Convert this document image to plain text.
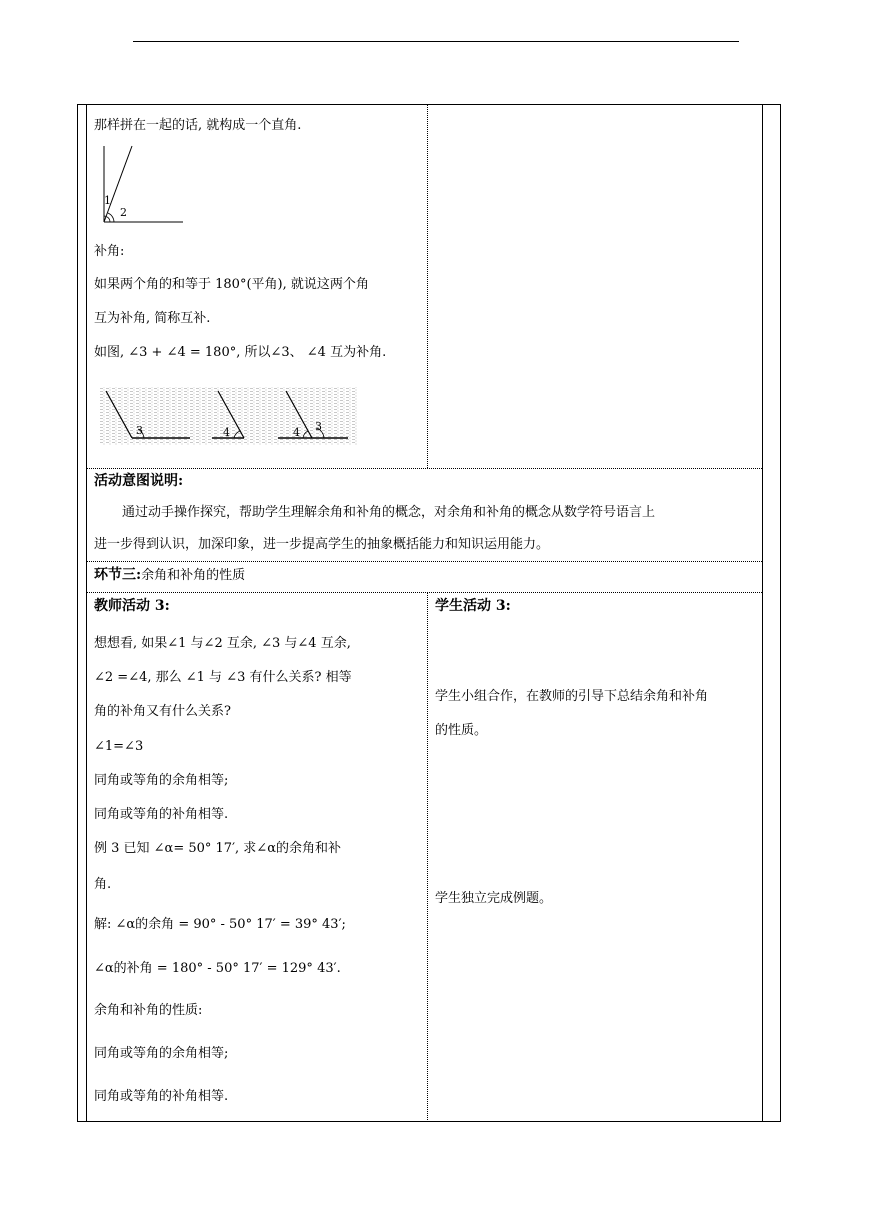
那样拼在一起的话, 就构成一个直角.
1
2
补角:
如果两个角的和等于 180°(平角), 就说这两个角
互为补角, 简称互补.
如图, ∠3 + ∠4 = 180°, 所以∠3、 ∠4 互为补角.
3	4	4 3
活动意图说明:
通过动手操作探究，帮助学生理解余角和补角的概念，对余角和补角的概念从数学符号语言上
进一步得到认识，加深印象，进一步提高学生的抽象概括能力和知识运用能力。
环节三:余角和补角的性质
教师活动 3:
想想看, 如果∠1 与∠2 互余, ∠3 与∠4 互余,
∠2 =∠4, 那么 ∠1 与 ∠3 有什么关系? 相等
角的补角又有什么关系?
∠1=∠3
同角或等角的余角相等;
同角或等角的补角相等.
例 3 已知 ∠α= 50° 17′, 求∠α的余角和补
角.
解: ∠α的余角 = 90° - 50° 17′ = 39° 43′;
∠α的补角 = 180° - 50° 17′ = 129° 43′.
余角和补角的性质:
同角或等角的余角相等;
同角或等角的补角相等.
学生活动 3:
学生小组合作，在教师的引导下总结余角和补角
的性质。
学生独立完成例题。
